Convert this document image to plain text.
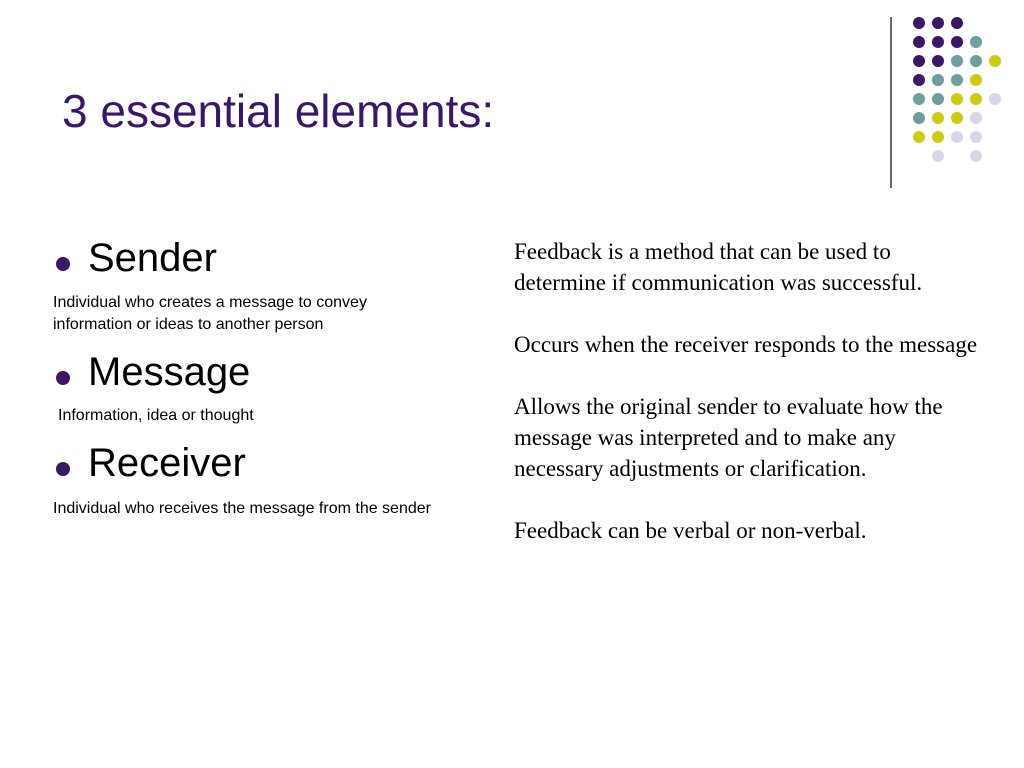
3 essential elements:
Sender
Individual who creates a message to convey information or ideas to another person
Message
Information, idea or thought
Receiver
Individual who receives the message from the sender

Feedback is a method that can be used to determine if communication was successful.

Occurs when the receiver responds to the message

Allows the original sender to evaluate how the message was interpreted and to make any necessary adjustments or clarification.

Feedback can be verbal or non-verbal.
